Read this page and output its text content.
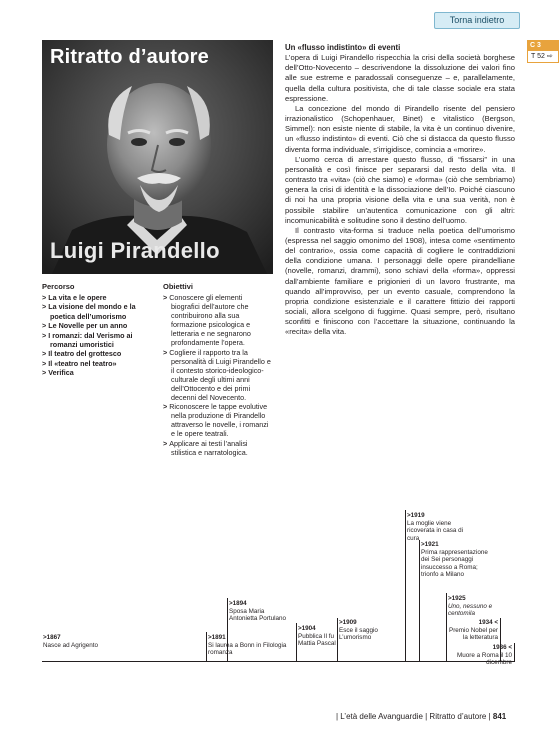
Torna indietro
C 3
T 52 ⇨
Ritratto d’autore
Luigi Pirandello
Percorso
> La vita e le opere
> La visione del mondo e la poetica dell’umorismo
> Le Novelle per un anno
> I romanzi: dal Verismo ai romanzi umoristici
> Il teatro del grottesco
> Il «teatro nel teatro»
> Verifica
Obiettivi
> Conoscere gli elementi biografici dell’autore che contribuirono alla sua formazione psicologica e letteraria e ne segnarono profondamente l’opera.
> Cogliere il rapporto tra la personalità di Luigi Pirandello e il contesto storico-ideologico-culturale degli ultimi anni dell’Ottocento e dei primi decenni del Novecento.
> Riconoscere le tappe evolutive nella produzione di Pirandello attraverso le novelle, i romanzi e le opere teatrali.
> Applicare ai testi l’analisi stilistica e narratologica.
Un «flusso indistinto» di eventi

L’opera di Luigi Pirandello rispecchia la crisi della società borghese dell’Otto-Novecento – descrivendone la dissoluzione dei valori fino alle sue estreme e paradossali conseguenze – e, parallelamente, quella della cultura positivista, che di tale classe sociale era stata espressione.

La concezione del mondo di Pirandello risente del pensiero irrazionalistico (Schopenhauer, Binet) e vitalistico (Bergson, Simmel): non esiste niente di stabile, la vita è un continuo divenire, un «flusso indistinto» di eventi. Ciò che si distacca da questo flusso diventa forma individuale, s’irrigidisce, comincia a «morire».

L’uomo cerca di arrestare questo flusso, di “fissarsi” in una personalità e così finisce per separarsi dal resto della vita. Il contrasto tra «vita» (ciò che siamo) e «forma» (ciò che sembriamo) genera la crisi di identità e la dissociazione dell’Io. Poiché ciascuno di noi ha una propria visione della vita e una sua verità, non è possibile stabilire un’autentica comunicazione con gli altri: incomunicabilità e solitudine sono il destino dell’uomo.

Il contrasto vita-forma si traduce nella poetica dell’umorismo (espressa nel saggio omonimo del 1908), intesa come «sentimento del contrario», ossia come capacità di cogliere le contraddizioni della condizione umana. I personaggi delle opere pirandelliane (novelle, romanzi, drammi), sono schiavi della «forma», oppressi dall’ambiente familiare e prigionieri di un lavoro frustrante, ma quando all’improvviso, per un evento casuale, comprendono la propria condizione esistenziale e il carattere fittizio dei rapporti sociali, allora scelgono di fuggirne. Quasi sempre, però, risultano sconfitti e finiscono con l’accettare la situazione, continuando la «recita» della vita.

>1867
Nasce ad Agrigento
>1891
Si laurea a Bonn in Filologia romanza
>1894
Sposa Maria Antonietta Portulano
>1904
Pubblica Il fu Mattia Pascal
>1909
Esce il saggio L’umorismo
>1919
La moglie viene ricoverata in casa di cura
>1921
Prima rappresentazione dei Sei personaggi insuccesso a Roma; trionfo a Milano
>1925
Uno, nessuno e centomila
1934 <
Premio Nobel per la letteratura
1936 <
Muore a Roma il 10 dicembre
| L’età delle Avanguardie | Ritratto d’autore | 841
